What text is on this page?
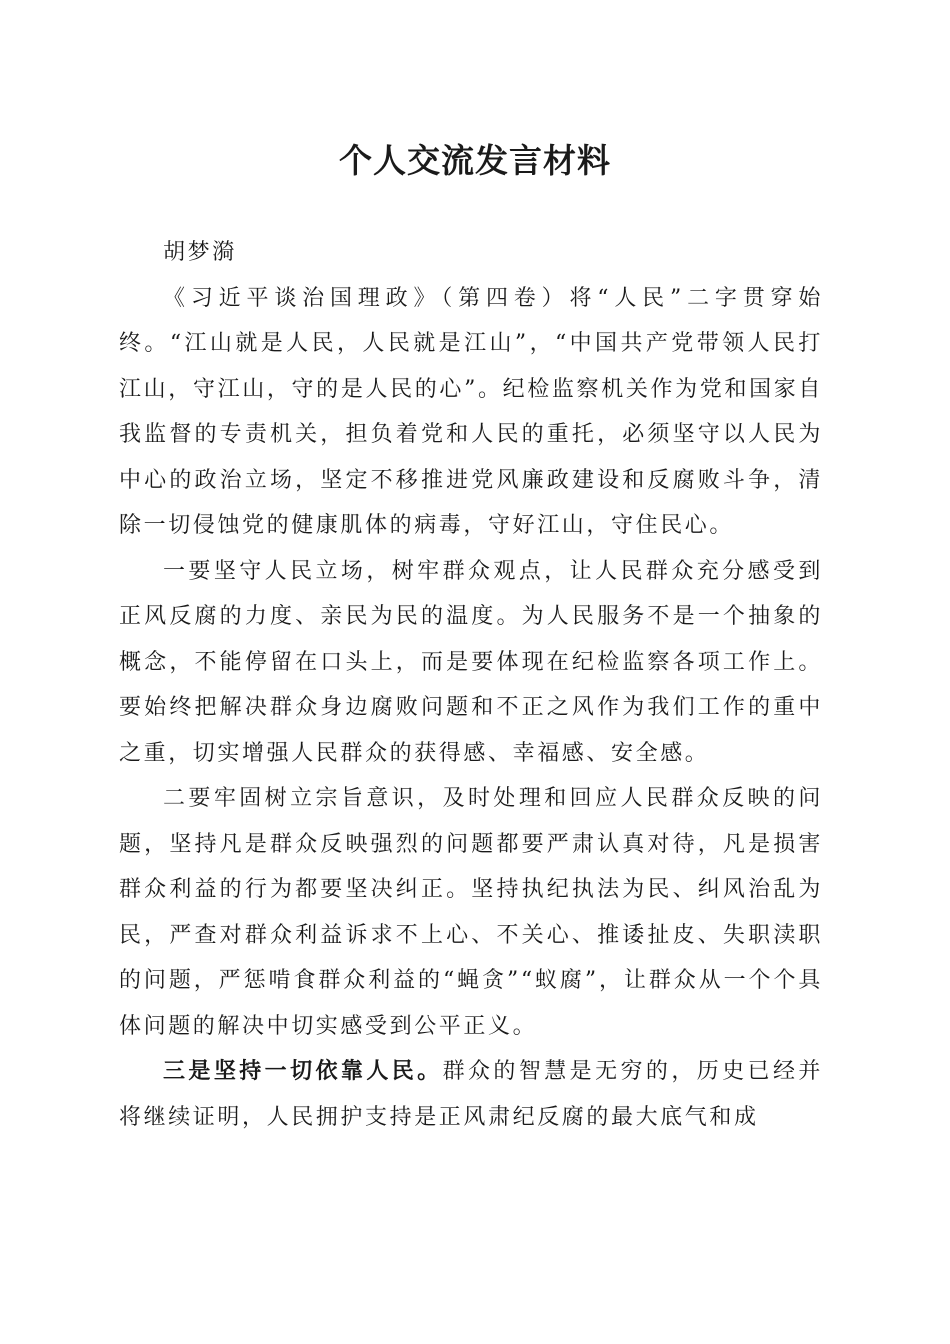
个人交流发言材料

胡梦漪

《习近平谈治国理政》（第四卷）将“人民”二字贯穿始终。“江山就是人民，人民就是江山”，“中国共产党带领人民打江山，守江山，守的是人民的心”。纪检监察机关作为党和国家自我监督的专责机关，担负着党和人民的重托，必须坚守以人民为中心的政治立场，坚定不移推进党风廉政建设和反腐败斗争，清除一切侵蚀党的健康肌体的病毒，守好江山，守住民心。

一要坚守人民立场，树牢群众观点，让人民群众充分感受到正风反腐的力度、亲民为民的温度。为人民服务不是一个抽象的概念，不能停留在口头上，而是要体现在纪检监察各项工作上。要始终把解决群众身边腐败问题和不正之风作为我们工作的重中之重，切实增强人民群众的获得感、幸福感、安全感。

二要牢固树立宗旨意识，及时处理和回应人民群众反映的问题，坚持凡是群众反映强烈的问题都要严肃认真对待，凡是损害群众利益的行为都要坚决纠正。坚持执纪执法为民、纠风治乱为民，严查对群众利益诉求不上心、不关心、推诿扯皮、失职渎职的问题，严惩啃食群众利益的“蝇贪”“蚁腐”，让群众从一个个具体问题的解决中切实感受到公平正义。

三是坚持一切依靠人民。群众的智慧是无穷的，历史已经并将继续证明，人民拥护支持是正风肃纪反腐的最大底气和成
